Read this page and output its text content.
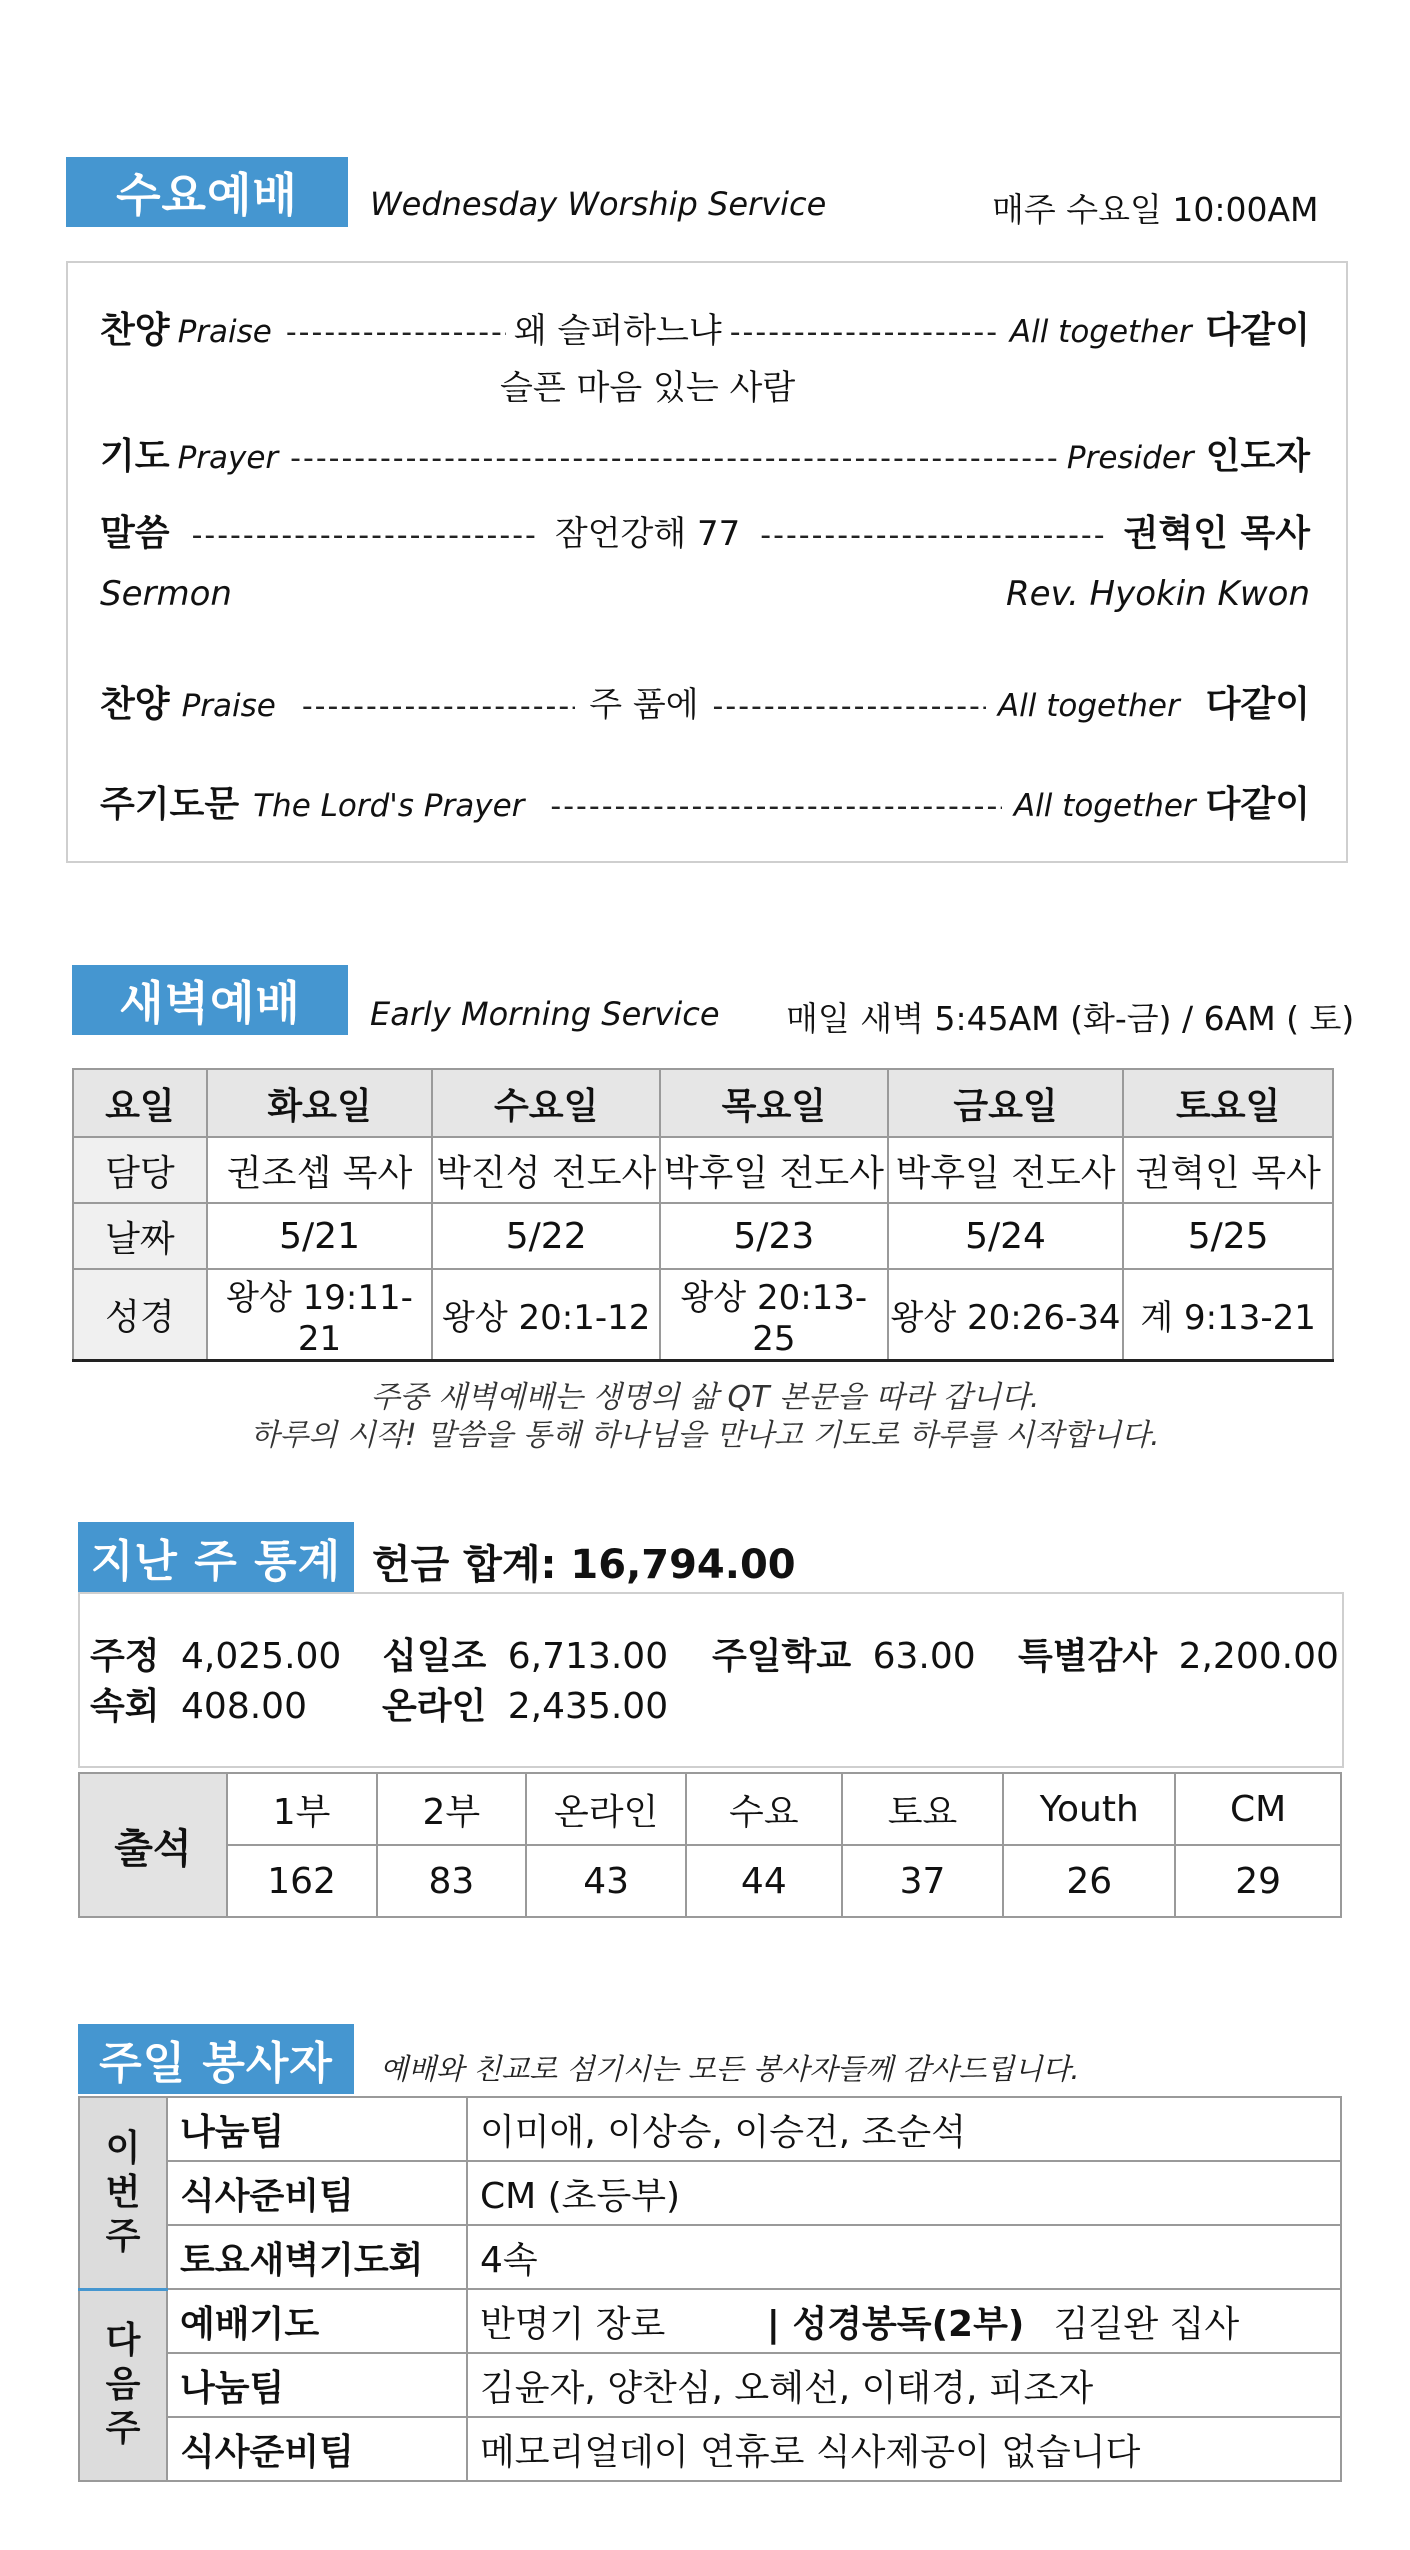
수요예배	Wednesday Worship Service	매주 수요일 10:00AM
찬양 Praise -----	왜 슬퍼하느냐 -----	All together 다같이
슬픈 마음 있는 사람
기도 Prayer -----	Presider 인도자
말씀 -----	잠언강해 77 -----	권혁인 목사
Sermon	Rev. Hyokin Kwon
찬양 Praise -----	주 품에 -----	All together 다같이
주기도문 The Lord's Prayer -----	All together 다같이
새벽예배	Early Morning Service 매일 새벽 5:45AM (화-금) / 6AM ( 토)
요일	화요일	수요일	목요일	금요일	토요일
담당	권조셉 목사	박진성 전도사	박후일 전도사	박후일 전도사	권혁인 목사
날짜	5/21	5/22	5/23	5/24	5/25
성경	왕상 19:11-21	왕상 20:1-12	왕상 20:13-25	왕상 20:26-34	계 9:13-21
주중 새벽예배는 생명의 삶 QT 본문을 따라 갑니다.
하루의 시작! 말씀을 통해 하나님을 만나고 기도로 하루를 시작합니다.
지난 주 통계 헌금 합계: 16,794.00
주정 4,025.00 십일조 6,713.00 주일학교 63.00 특별감사 2,200.00
속회 408.00 온라인 2,435.00
출석	1부	2부	온라인	수요	토요	Youth	CM
	162	83	43	44	37	26	29
주일 봉사자	예배와 친교로 섬기시는 모든 봉사자들께 감사드립니다.
이
번
주	나눔팀	이미애, 이상승, 이승건, 조순석
	식사준비팀	CM (초등부)
	토요새벽기도회	4속
다
음
주	예배기도	반명기 장로 | 성경봉독(2부) 김길완 집사
	나눔팀	김윤자, 양찬심, 오혜선, 이태경, 피조자
	식사준비팀	메모리얼데이 연휴로 식사제공이 없습니다
